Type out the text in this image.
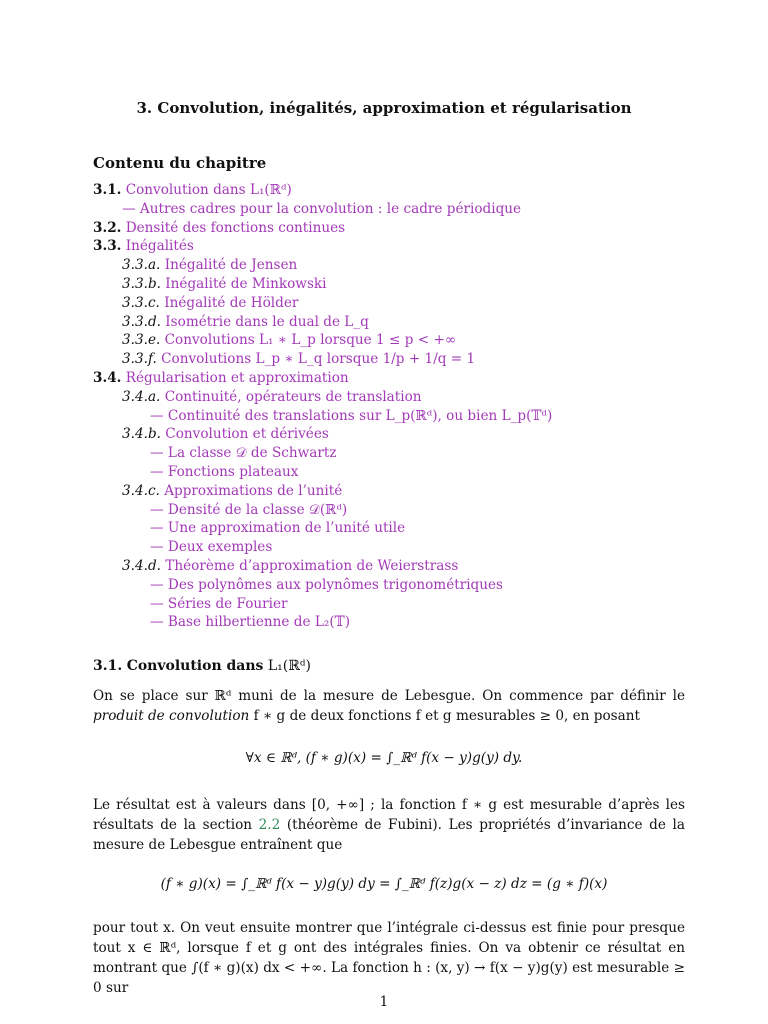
3. Convolution, inégalités, approximation et régularisation
Contenu du chapitre
3.1. Convolution dans L₁(ℝᵈ)
— Autres cadres pour la convolution : le cadre périodique
3.2. Densité des fonctions continues
3.3. Inégalités
3.3.a. Inégalité de Jensen
3.3.b. Inégalité de Minkowski
3.3.c. Inégalité de Hölder
3.3.d. Isométrie dans le dual de L_q
3.3.e. Convolutions L₁ ∗ L_p lorsque 1 ≤ p < +∞
3.3.f. Convolutions L_p ∗ L_q lorsque 1/p + 1/q = 1
3.4. Régularisation et approximation
3.4.a. Continuité, opérateurs de translation
— Continuité des translations sur L_p(ℝᵈ), ou bien L_p(𝕋ᵈ)
3.4.b. Convolution et dérivées
— La classe 𝒟 de Schwartz
— Fonctions plateaux
3.4.c. Approximations de l’unité
— Densité de la classe 𝒟(ℝᵈ)
— Une approximation de l’unité utile
— Deux exemples
3.4.d. Théorème d’approximation de Weierstrass
— Des polynômes aux polynômes trigonométriques
— Séries de Fourier
— Base hilbertienne de L₂(𝕋)
3.1. Convolution dans L₁(ℝᵈ)
On se place sur ℝᵈ muni de la mesure de Lebesgue. On commence par définir le produit de convolution f ∗ g de deux fonctions f et g mesurables ≥ 0, en posant
∀x ∈ ℝᵈ, (f ∗ g)(x) = ∫_ℝᵈ f(x − y)g(y) dy.
Le résultat est à valeurs dans [0, +∞] ; la fonction f ∗ g est mesurable d’après les résultats de la section 2.2 (théorème de Fubini). Les propriétés d’invariance de la mesure de Lebesgue entraînent que
(f ∗ g)(x) = ∫_ℝᵈ f(x − y)g(y) dy = ∫_ℝᵈ f(z)g(x − z) dz = (g ∗ f)(x)
pour tout x. On veut ensuite montrer que l’intégrale ci-dessus est finie pour presque tout x ∈ ℝᵈ, lorsque f et g ont des intégrales finies. On va obtenir ce résultat en montrant que ∫(f ∗ g)(x) dx < +∞. La fonction h : (x, y) → f(x − y)g(y) est mesurable ≥ 0 sur
1
